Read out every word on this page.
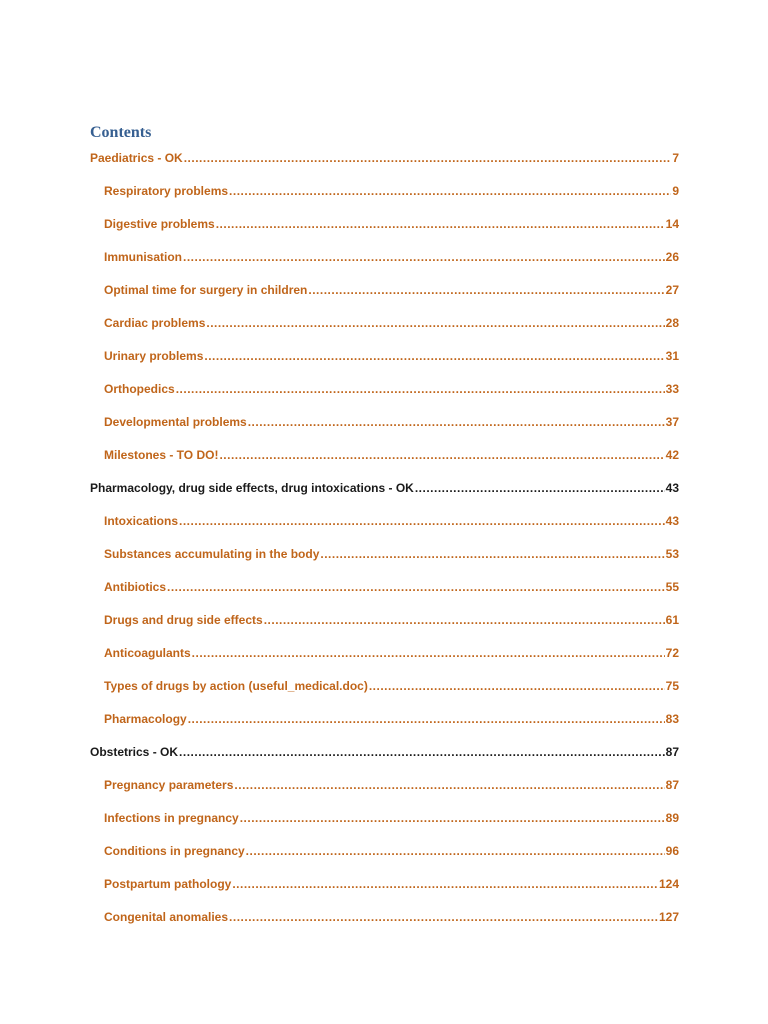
Contents
Paediatrics - OK .....	7
Respiratory problems .....	9
Digestive problems .....	14
Immunisation .....	26
Optimal time for surgery in children .....	27
Cardiac problems .....	28
Urinary problems .....	31
Orthopedics .....	33
Developmental problems .....	37
Milestones - TO DO! .....	42
Pharmacology, drug side effects, drug intoxications - OK .....	43
Intoxications .....	43
Substances accumulating in the body .....	53
Antibiotics .....	55
Drugs and drug side effects .....	61
Anticoagulants .....	72
Types of drugs by action (useful_medical.doc) .....	75
Pharmacology .....	83
Obstetrics - OK .....	87
Pregnancy parameters .....	87
Infections in pregnancy .....	89
Conditions in pregnancy .....	96
Postpartum pathology .....	124
Congenital anomalies .....	127
